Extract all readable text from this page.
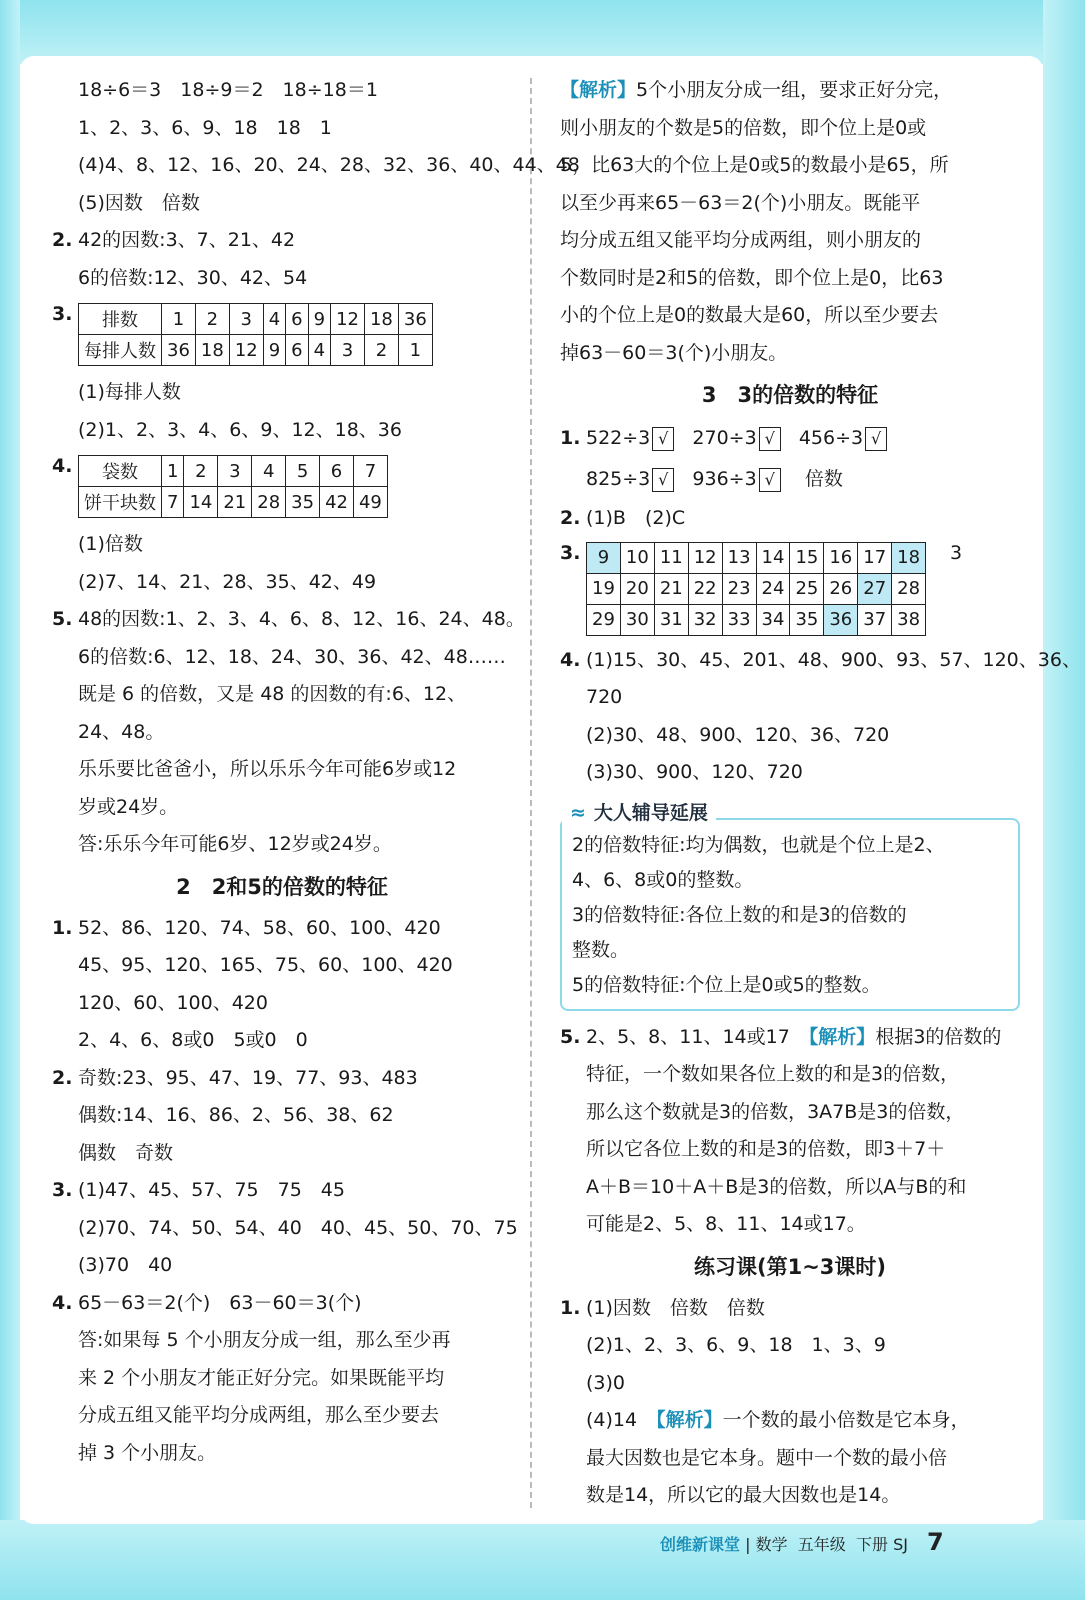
18÷6＝3　18÷9＝2　18÷18＝1
1、2、3、6、9、18　18　1
(4)4、8、12、16、20、24、28、32、36、40、44、48
(5)因数　倍数
2. 42的因数:3、7、21、42
6的倍数:12、30、42、54
3. 排数	1	2	3	4	6	9	12	18	36
每排人数	36	18	12	9	6	4	3	2	1
(1)每排人数
(2)1、2、3、4、6、9、12、18、36
4. 袋数	1	2	3	4	5	6	7
饼干块数	7	14	21	28	35	42	49
(1)倍数
(2)7、14、21、28、35、42、49
5. 48的因数:1、2、3、4、6、8、12、16、24、48。
6的倍数:6、12、18、24、30、36、42、48……
既是 6 的倍数，又是 48 的因数的有:6、12、
24、48。
乐乐要比爸爸小，所以乐乐今年可能6岁或12
岁或24岁。
答:乐乐今年可能6岁、12岁或24岁。
2　2和5的倍数的特征
1. 52、86、120、74、58、60、100、420
45、95、120、165、75、60、100、420
120、60、100、420
2、4、6、8或0　5或0　0
2. 奇数:23、95、47、19、77、93、483
偶数:14、16、86、2、56、38、62
偶数　奇数
3. (1)47、45、57、75　75　45
(2)70、74、50、54、40　40、45、50、70、75
(3)70　40
4. 65－63＝2(个)　63－60＝3(个)
答:如果每 5 个小朋友分成一组，那么至少再
来 2 个小朋友才能正好分完。如果既能平均
分成五组又能平均分成两组，那么至少要去
掉 3 个小朋友。
【解析】5个小朋友分成一组，要求正好分完，
则小朋友的个数是5的倍数，即个位上是0或
5，比63大的个位上是0或5的数最小是65，所
以至少再来65－63＝2(个)小朋友。既能平
均分成五组又能平均分成两组，则小朋友的
个数同时是2和5的倍数，即个位上是0，比63
小的个位上是0的数最大是60，所以至少要去
掉63－60＝3(个)小朋友。
3　3的倍数的特征
1. 522÷3 √ 270÷3 √ 456÷3 √
825÷3 √ 936÷3 √ 倍数
2. (1)B　(2)C
3. 9	10	11	12	13	14	15	16	17	18
19	20	21	22	23	24	25	26	27	28
29	30	31	32	33	34	35	36	37	38
3
4. (1)15、30、45、201、48、900、93、57、120、36、
720
(2)30、48、900、120、36、720
(3)30、900、120、720
≈ 大人辅导延展
2的倍数特征:均为偶数，也就是个位上是2、
4、6、8或0的整数。
3的倍数特征:各位上数的和是3的倍数的
整数。
5的倍数特征:个位上是0或5的整数。
5. 2、5、8、11、14或17　【解析】根据3的倍数的
特征，一个数如果各位上数的和是3的倍数，
那么这个数就是3的倍数，3A7B是3的倍数，
所以它各位上数的和是3的倍数，即3＋7＋
A＋B＝10＋A＋B是3的倍数，所以A与B的和
可能是2、5、8、11、14或17。
练习课(第1~3课时)
1. (1)因数　倍数　倍数
(2)1、2、3、6、9、18　1、3、9
(3)0
(4)14　【解析】一个数的最小倍数是它本身，
最大因数也是它本身。题中一个数的最小倍
数是14，所以它的最大因数也是14。
创维新课堂 | 数学 五年级 下册 SJ 7
